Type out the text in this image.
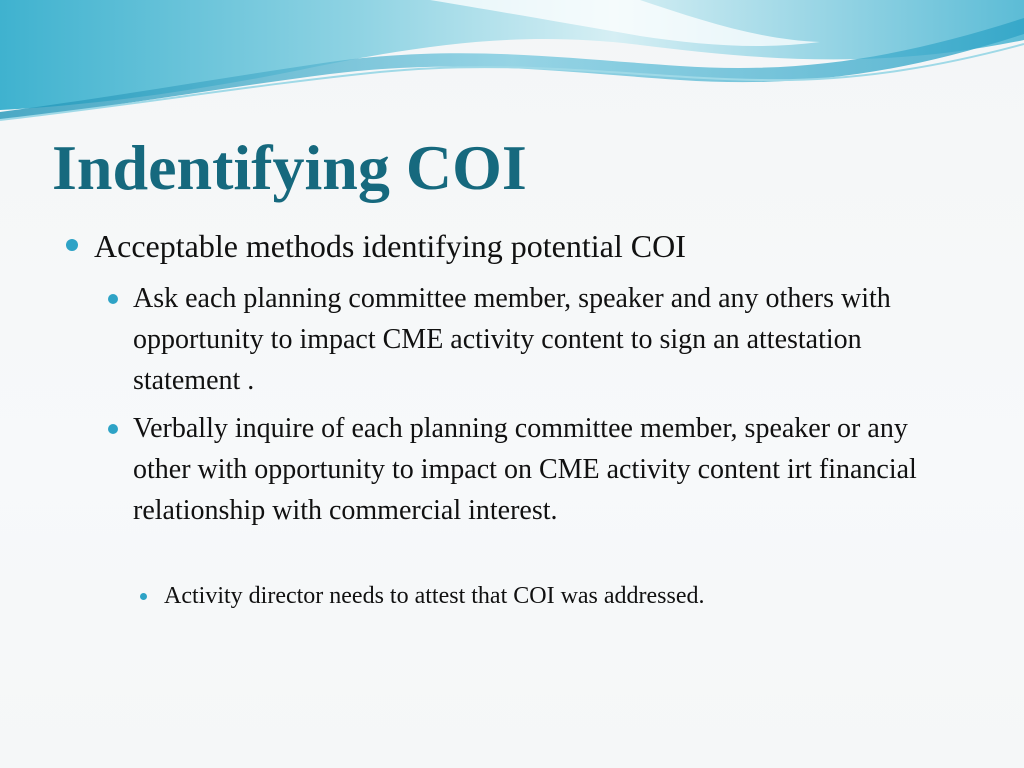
Indentifying COI
Acceptable methods identifying potential COI
Ask each planning committee member, speaker and any others with opportunity to impact CME activity content to sign an attestation statement .
Verbally inquire of each planning committee member, speaker or any other with opportunity to impact on CME activity content irt financial relationship with commercial interest.
Activity director needs to attest that COI was addressed.
